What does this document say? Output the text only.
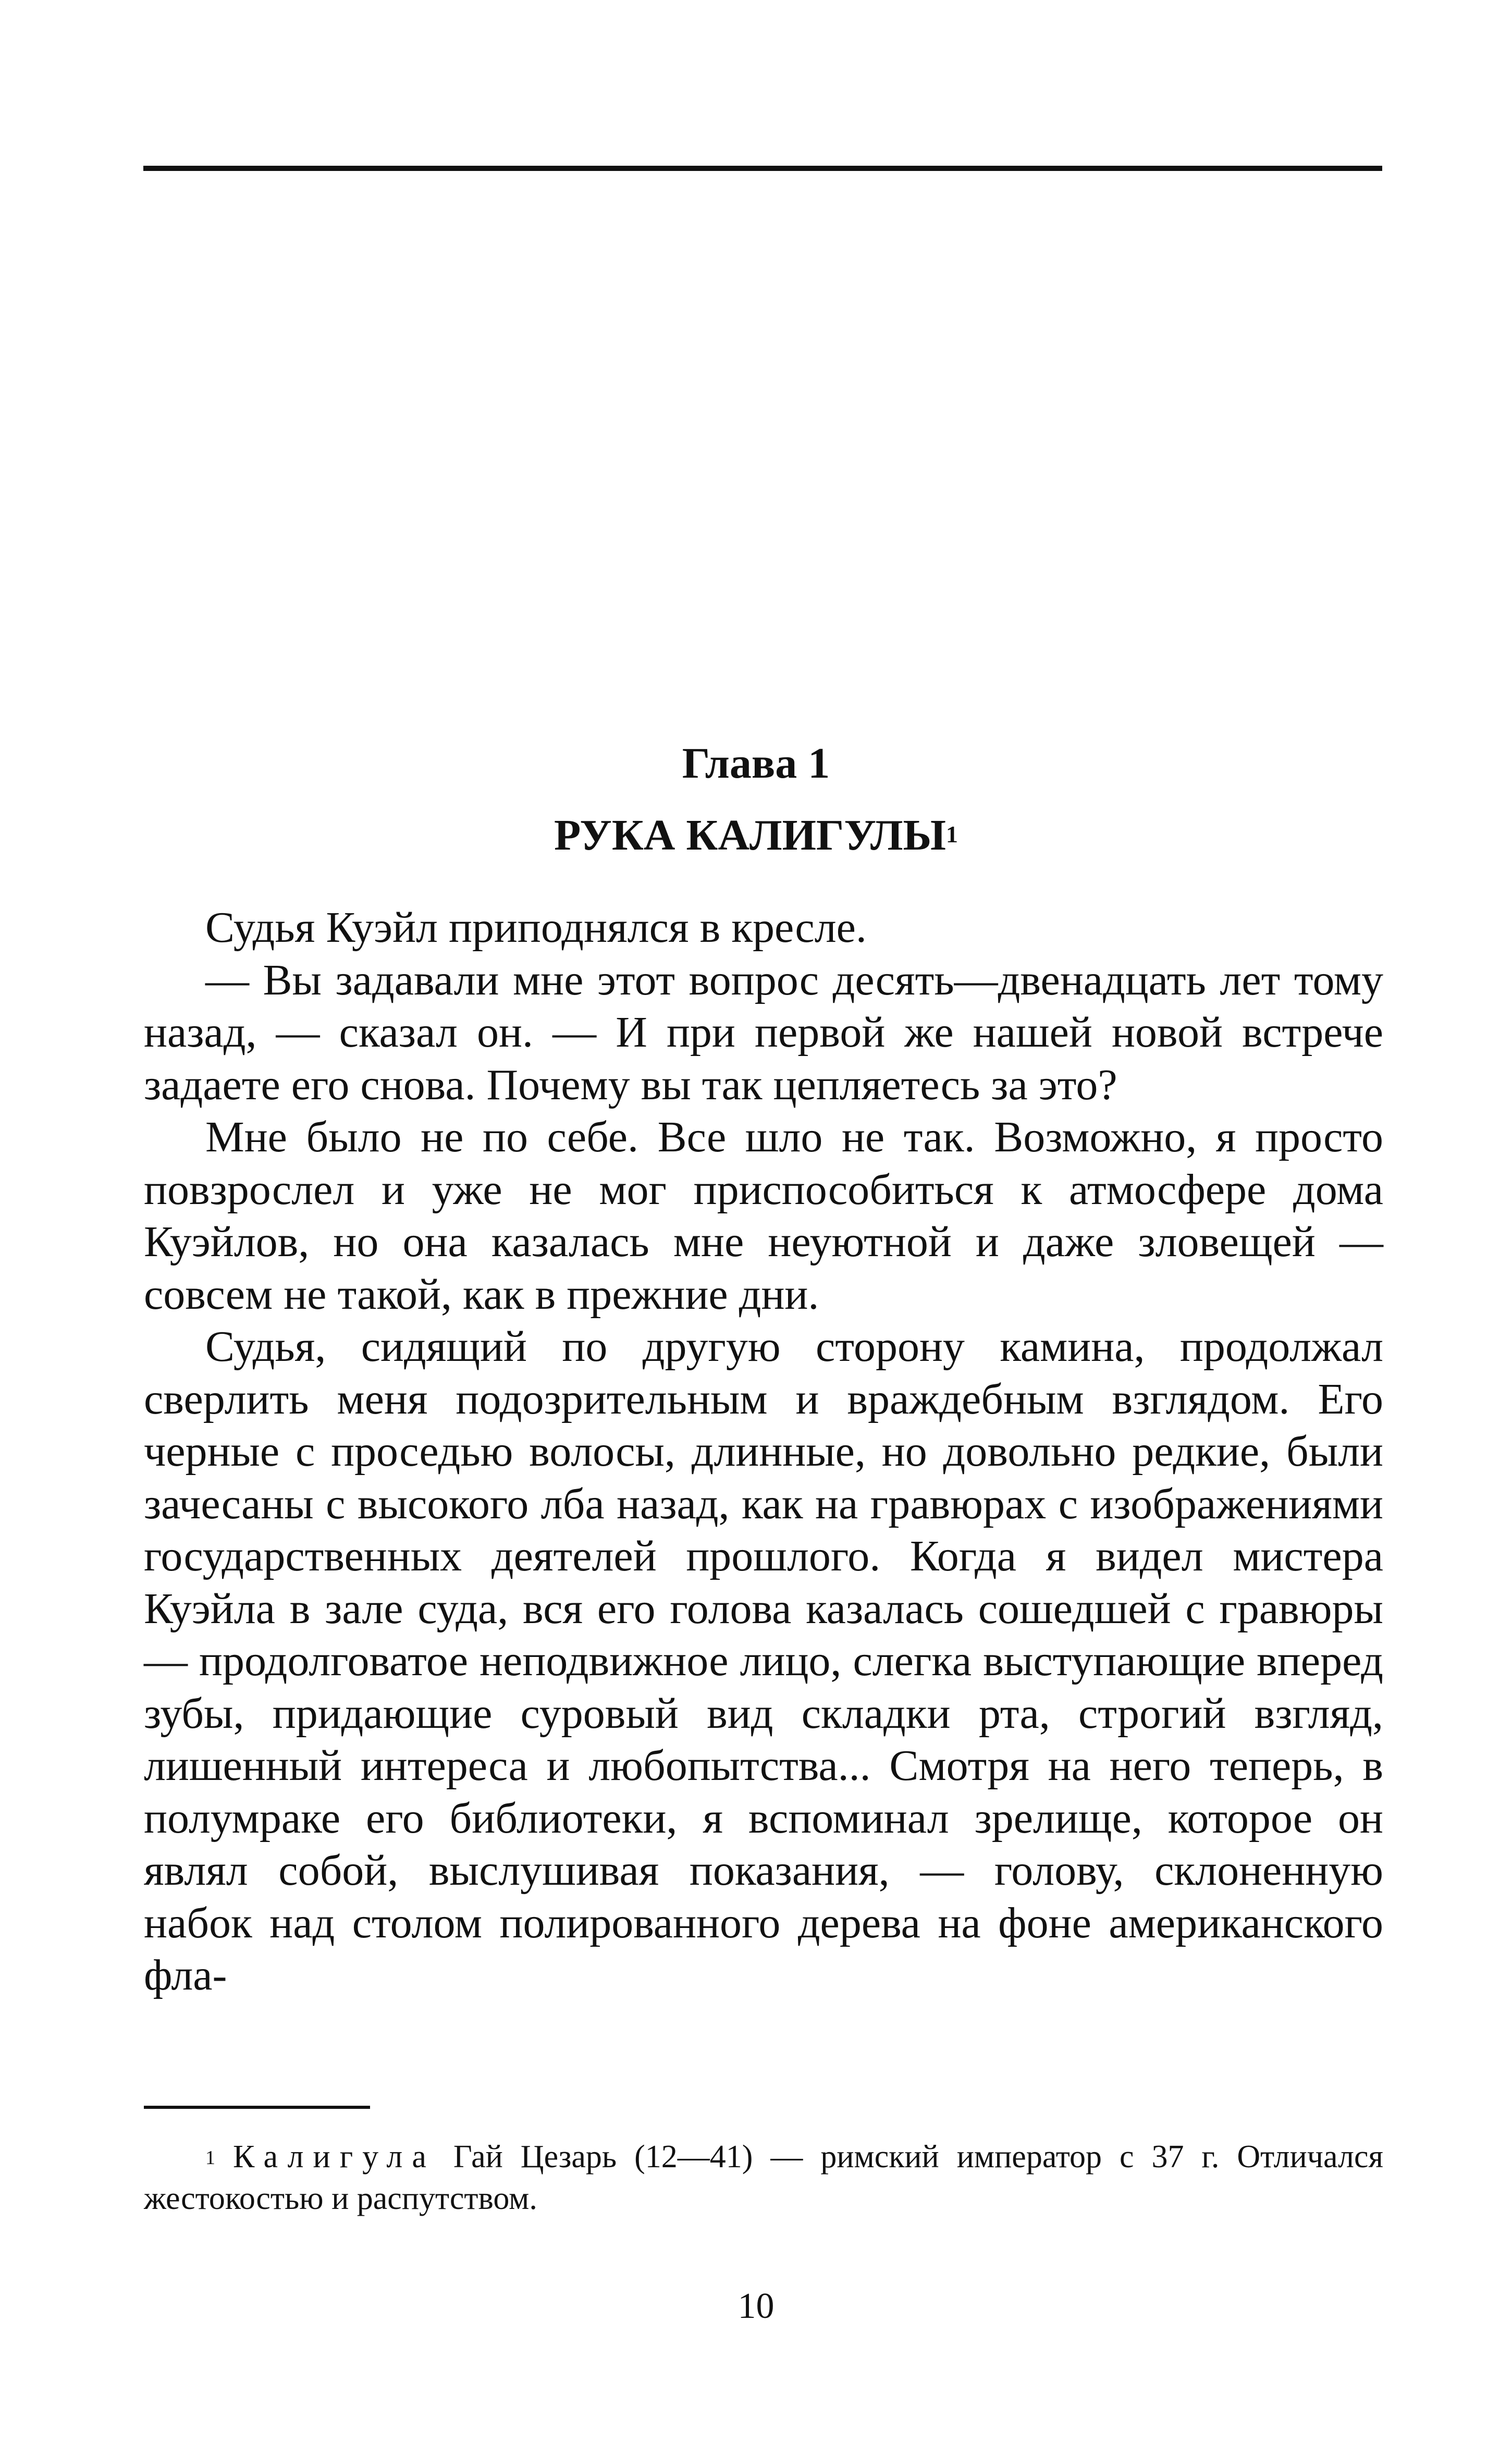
Глава 1
РУКА КАЛИГУЛЫ$^1$

Судья Куэйл приподнялся в кресле.

— Вы задавали мне этот вопрос десять—двенадцать лет тому назад, — сказал он. — И при первой же нашей новой встрече задаете его снова. Почему вы так цепляетесь за это?

Мне было не по себе. Все шло не так. Возможно, я просто повзрослел и уже не мог приспособиться к атмосфере дома Куэйлов, но она казалась мне неуютной и даже зловещей — совсем не такой, как в прежние дни.

Судья, сидящий по другую сторону камина, продолжал сверлить меня подозрительным и враждебным взглядом. Его черные с проседью волосы, длинные, но довольно редкие, были зачесаны с высокого лба назад, как на гравюрах с изображениями государственных деятелей прошлого. Когда я видел мистера Куэйла в зале суда, вся его голова казалась сошедшей с гравюры — продолговатое неподвижное лицо, слегка выступающие вперед зубы, придающие суровый вид складки рта, строгий взгляд, лишенный интереса и любопытства... Смотря на него теперь, в полумраке его библиотеки, я вспоминал зрелище, которое он являл собой, выслушивая показания, — голову, склоненную набок над столом полированного дерева на фоне американского фла-

$^1$ Калигула Гай Цезарь (12—41) — римский император с 37 г. Отличался жестокостью и распутством.
10
